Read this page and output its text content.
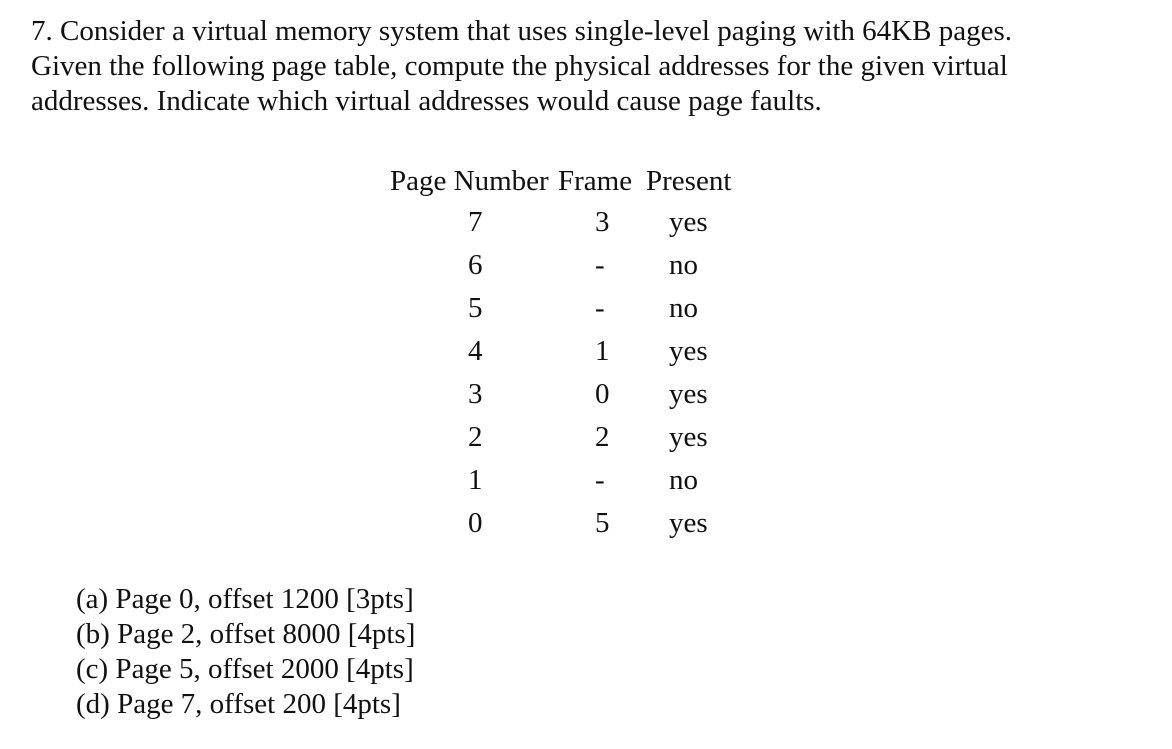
7. Consider a virtual memory system that uses single-level paging with 64KB pages.
Given the following page table, compute the physical addresses for the given virtual
addresses. Indicate which virtual addresses would cause page faults.
Page Number	Frame	Present
7	3	yes
6	-	no
5	-	no
4	1	yes
3	0	yes
2	2	yes
1	-	no
0	5	yes
(a) Page 0, offset 1200 [3pts]
(b) Page 2, offset 8000 [4pts]
(c) Page 5, offset 2000 [4pts]
(d) Page 7, offset 200 [4pts]
